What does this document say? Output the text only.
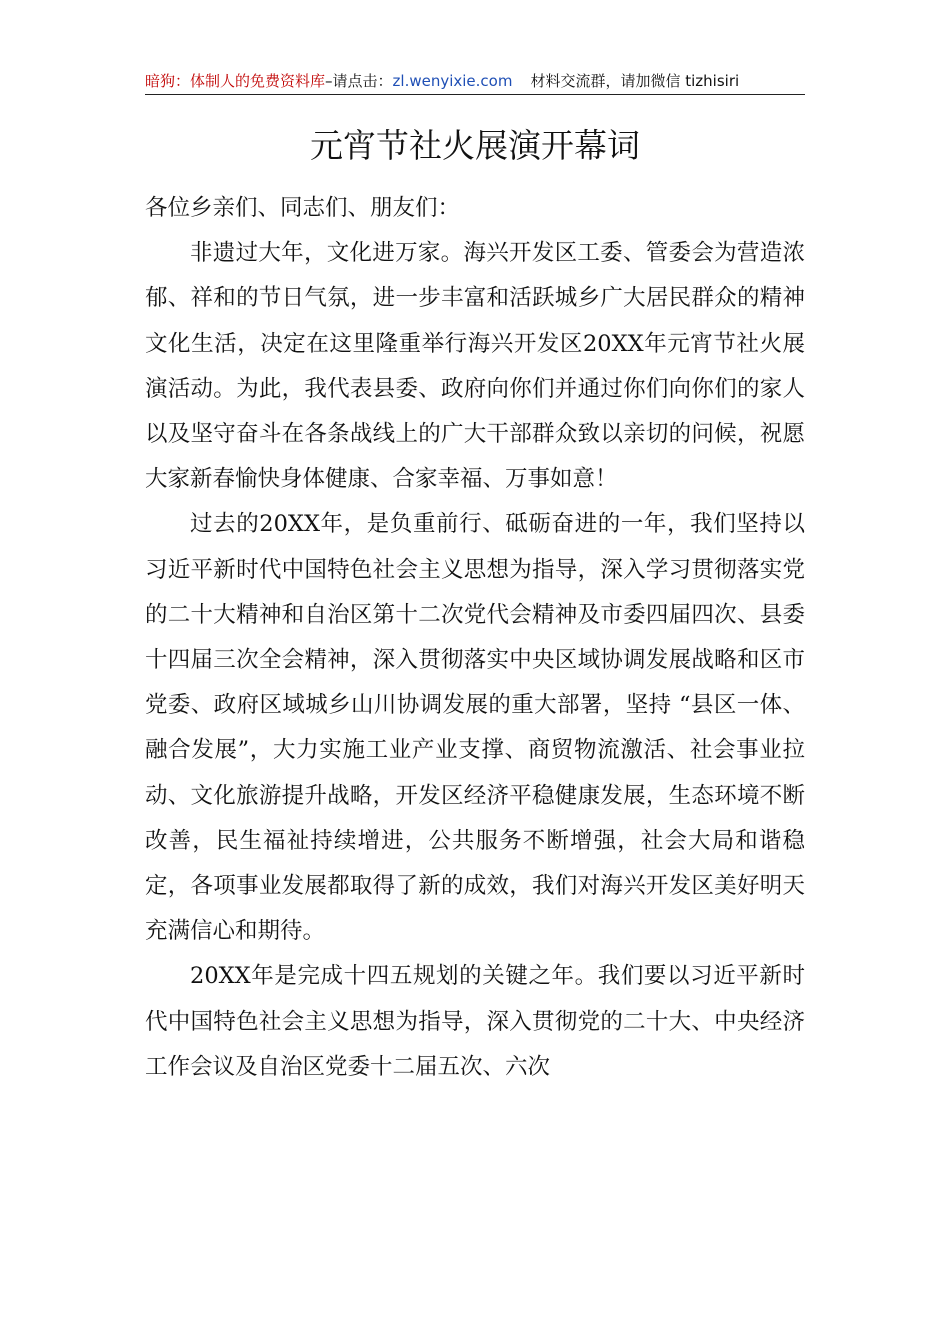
暗狗：体制人的免费资料库–请点击：zl.wenyixie.com 材料交流群，请加微信 tizhisiri
元宵节社火展演开幕词

各位乡亲们、同志们、朋友们：

非遗过大年，文化进万家。海兴开发区工委、管委会为营造浓郁、祥和的节日气氛，进一步丰富和活跃城乡广大居民群众的精神文化生活，决定在这里隆重举行海兴开发区20XX年元宵节社火展演活动。为此，我代表县委、政府向你们并通过你们向你们的家人以及坚守奋斗在各条战线上的广大干部群众致以亲切的问候，祝愿大家新春愉快身体健康、合家幸福、万事如意！

过去的20XX年，是负重前行、砥砺奋进的一年，我们坚持以习近平新时代中国特色社会主义思想为指导，深入学习贯彻落实党的二十大精神和自治区第十二次党代会精神及市委四届四次、县委十四届三次全会精神，深入贯彻落实中央区域协调发展战略和区市党委、政府区域城乡山川协调发展的重大部署，坚持 “县区一体、融合发展”，大力实施工业产业支撑、商贸物流激活、社会事业拉动、文化旅游提升战略，开发区经济平稳健康发展，生态环境不断改善，民生福祉持续增进，公共服务不断增强，社会大局和谐稳定，各项事业发展都取得了新的成效，我们对海兴开发区美好明天充满信心和期待。

20XX年是完成十四五规划的关键之年。我们要以习近平新时代中国特色社会主义思想为指导，深入贯彻党的二十大、中央经济工作会议及自治区党委十二届五次、六次
